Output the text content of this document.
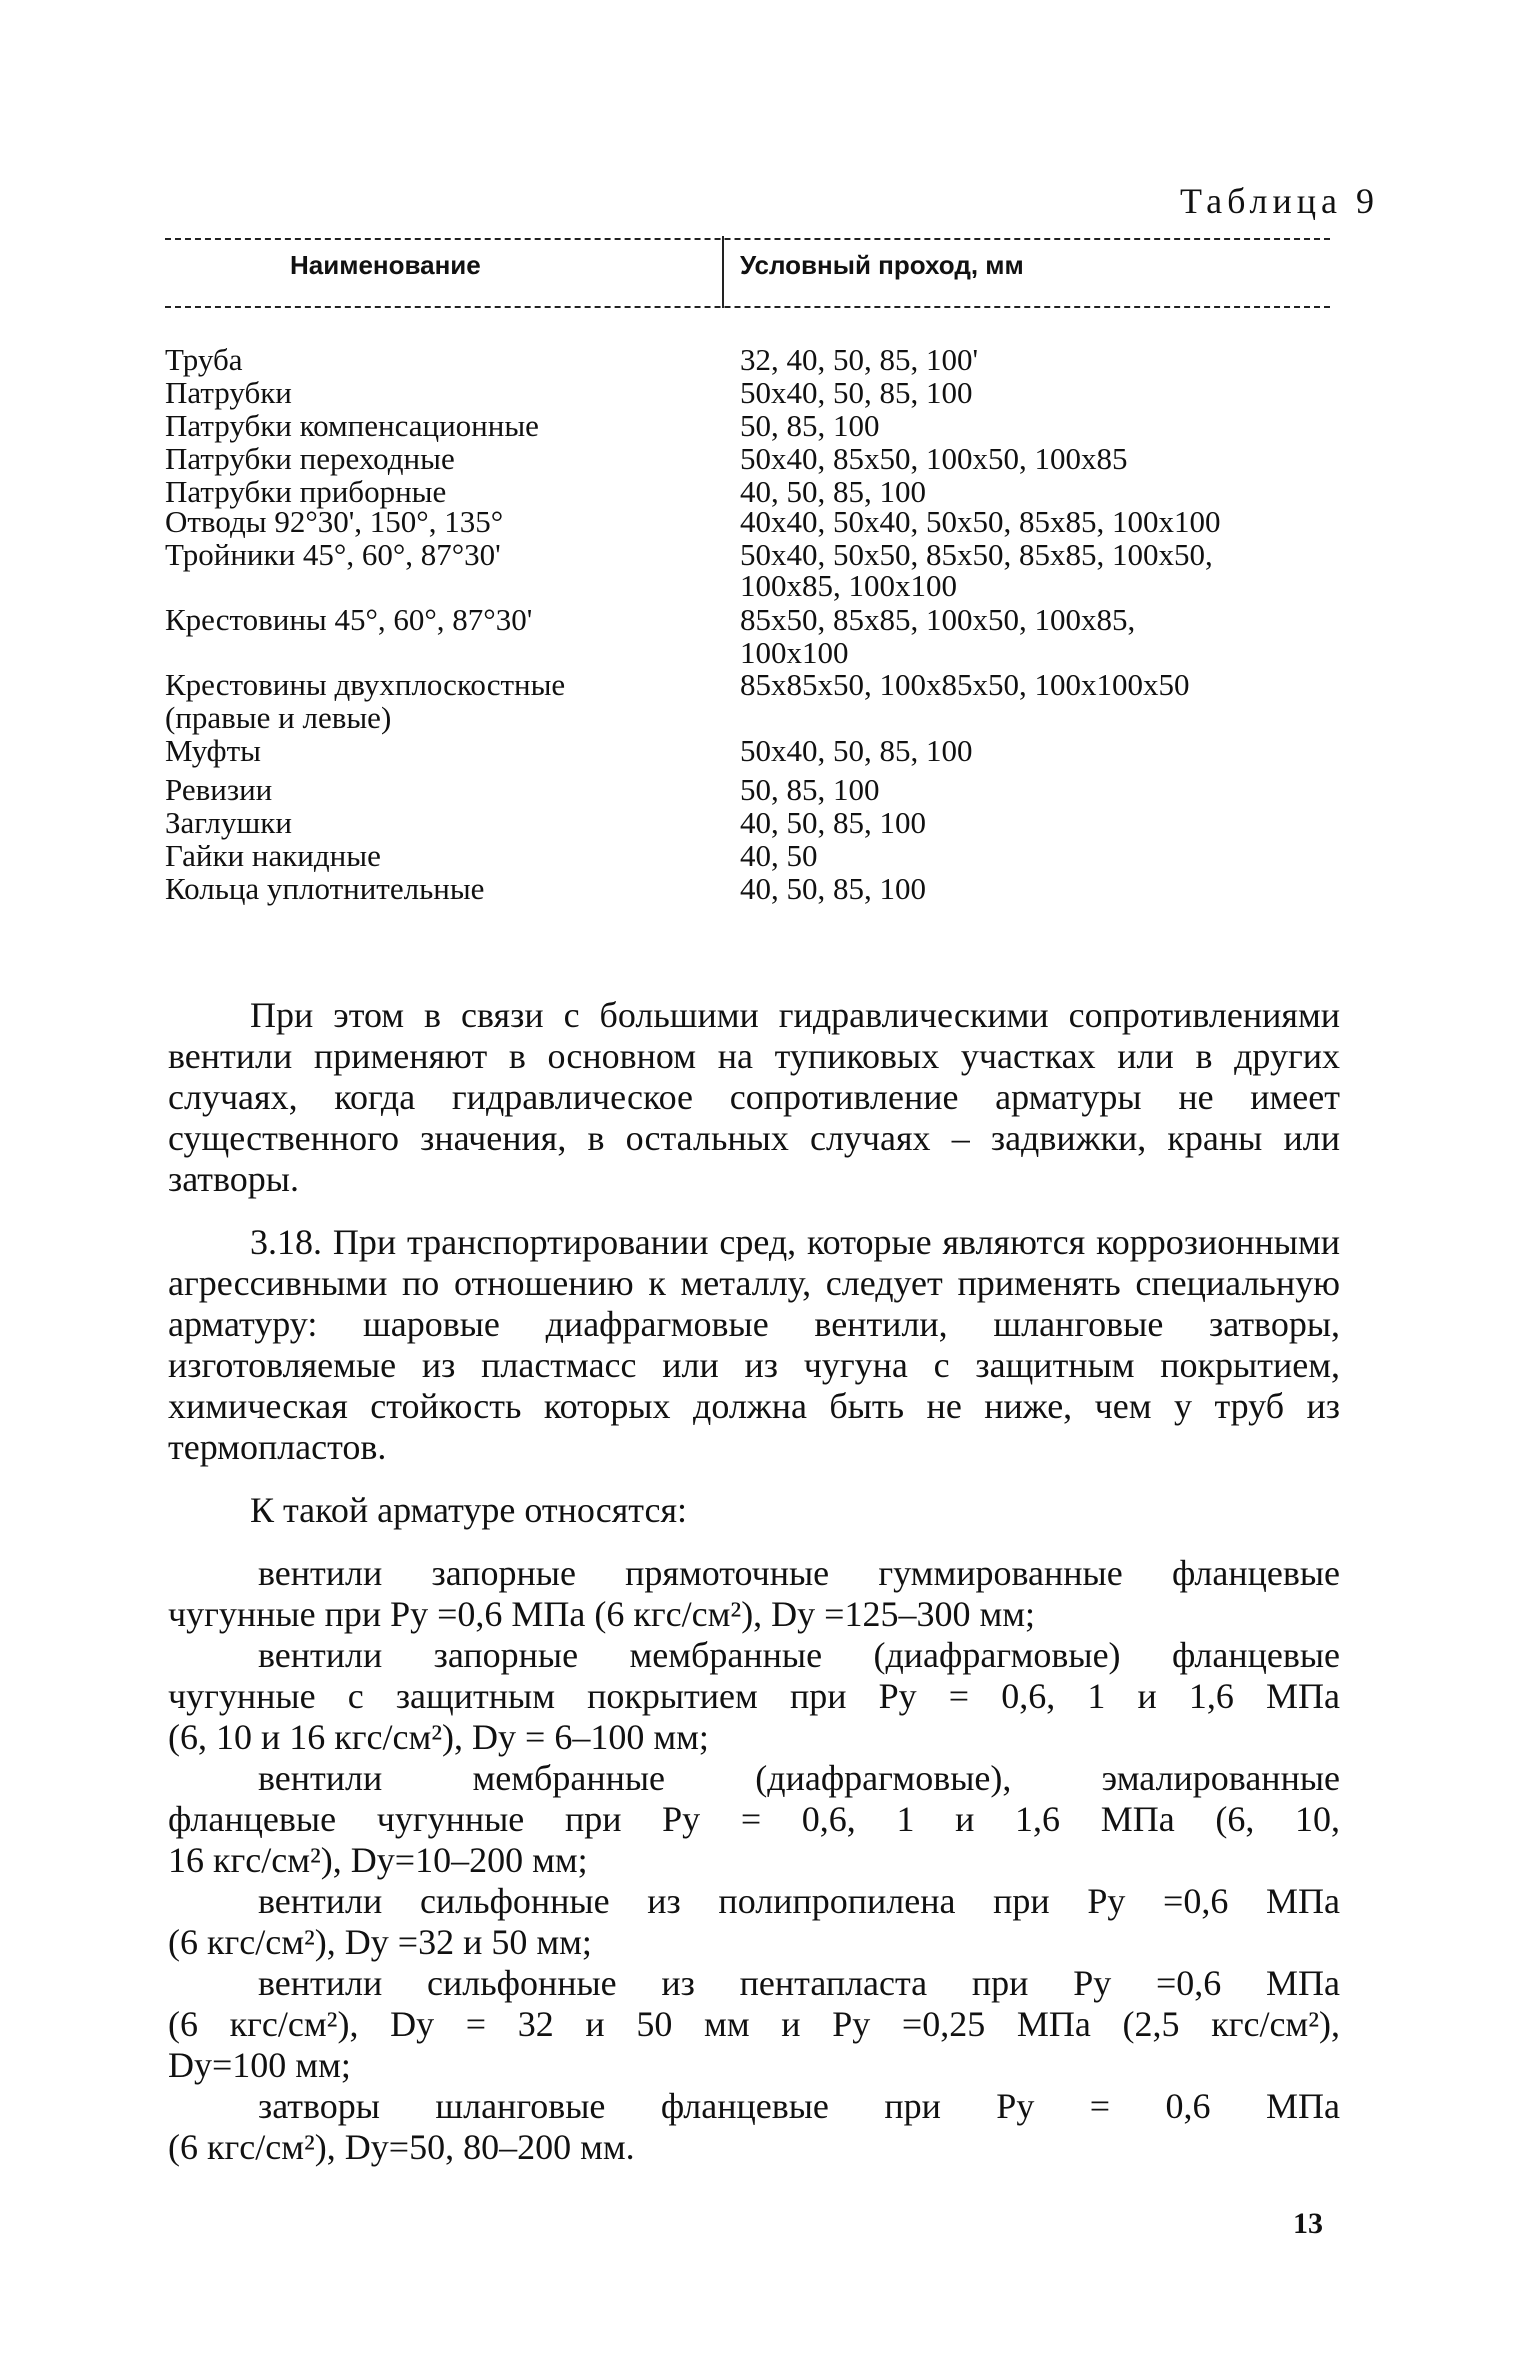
Таблица 9
Наименование	Условный проход, мм
Труба	32, 40, 50, 85, 100'
Патрубки	50x40, 50, 85, 100
Патрубки компенсационные	50, 85, 100
Патрубки переходные	50x40, 85x50, 100x50, 100x85
Патрубки приборные	40, 50, 85, 100
Отводы 92°30', 150°, 135°	40x40, 50x40, 50x50, 85x85, 100x100
Тройники 45°, 60°, 87°30'	50x40, 50x50, 85x50, 85x85, 100x50,
100x85, 100x100
Крестовины 45°, 60°, 87°30'	85x50, 85x85, 100x50, 100x85,
100x100
Крестовины двухплоскостные	85x85x50, 100x85x50, 100x100x50
(правые и левые)
Муфты	50x40, 50, 85, 100
Ревизии	50, 85, 100
Заглушки	40, 50, 85, 100
Гайки накидные	40, 50
Кольца уплотнительные	40, 50, 85, 100

При этом в связи с большими гидравлическими сопротивлениями вентили применяют в основном на тупиковых участках или в других случаях, когда гидравлическое сопротивление арматуры не имеет существенного значения, в остальных случаях – задвижки, краны или затворы.

3.18. При транспортировании сред, которые являются коррозионными агрессивными по отношению к металлу, следует применять специальную арматуру: шаровые диафрагмовые вентили, шланговые затворы, изготовляемые из пластмасс или из чугуна с защитным покрытием, химическая стойкость которых должна быть не ниже, чем у труб из термопластов.

К такой арматуре относятся:

вентили запорные прямоточные гуммированные фланцевые

чугунные при Pу =0,6 МПа (6 кгс/см²), Dу =125–300 мм;

вентили запорные мембранные (диафрагмовые) фланцевые

чугунные с защитным покрытием при Pу = 0,6, 1 и 1,6 МПа

(6, 10 и 16 кгс/см²), Dу = 6–100 мм;

вентили мембранные (диафрагмовые), эмалированные

фланцевые чугунные при Pу = 0,6, 1 и 1,6 МПа (6, 10,

16 кгс/см²), Dу=10–200 мм;

вентили сильфонные из полипропилена при Pу =0,6 МПа

(6 кгс/см²), Dу =32 и 50 мм;

вентили сильфонные из пентапласта при Pу =0,6 МПа

(6 кгс/см²), Dу = 32 и 50 мм и Pу =0,25 МПа (2,5 кгс/см²),

Dу=100 мм;

затворы шланговые фланцевые при Pу = 0,6 МПа

(6 кгс/см²), Dу=50, 80–200 мм.

13
